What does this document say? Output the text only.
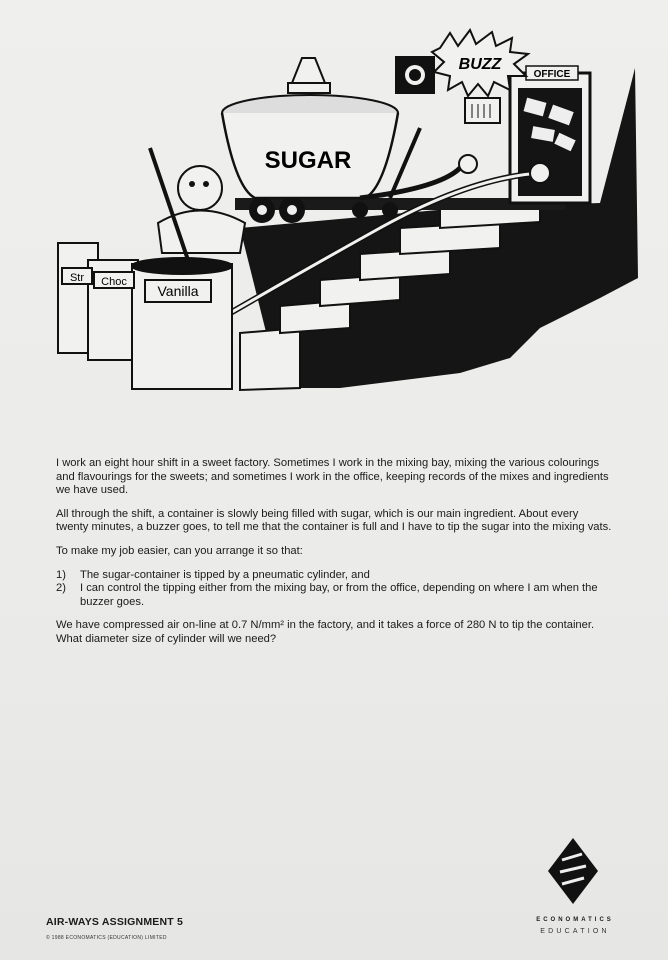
OFFICE
BUZZ
SUGAR
Str Choc
Vanilla

I work an eight hour shift in a sweet factory. Sometimes I work in the mixing bay, mixing the various colourings and flavourings for the sweets; and sometimes I work in the office, keeping records of the mixes and ingredients we have used.

All through the shift, a container is slowly being filled with sugar, which is our main ingredient. About every twenty minutes, a buzzer goes, to tell me that the container is full and I have to tip the sugar into the mixing vats.

To make my job easier, can you arrange it so that:

1)	The sugar-container is tipped by a pneumatic cylinder, and
2)	I can control the tipping either from the mixing bay, or from the office, depending on where I am when the buzzer goes.

We have compressed air on-line at 0.7 N/mm² in the factory, and it takes a force of 280 N to tip the container. What diameter size of cylinder will we need?

ECONOMATICS
EDUCATION
AIR-WAYS ASSIGNMENT 5
© 1988 ECONOMATICS (EDUCATION) LIMITED
